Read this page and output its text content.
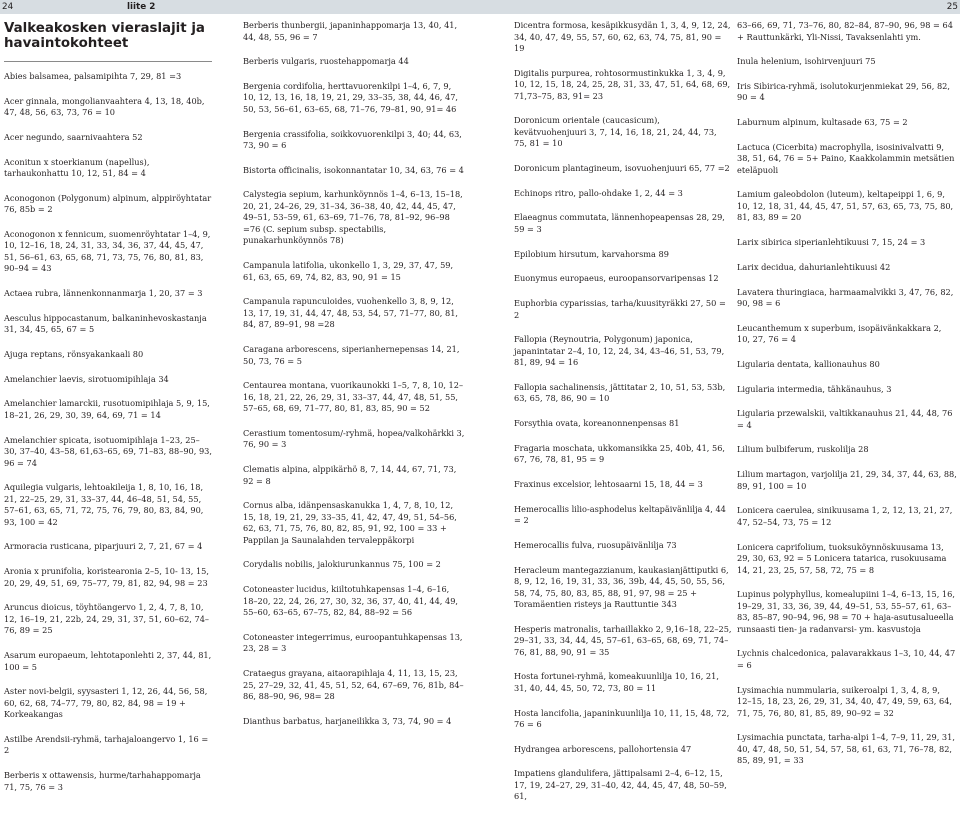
24	liite 2	25
Valkeakosken vieraslajit ja havaintokohteet

Abies balsamea, palsamipihta 7, 29, 81 =3

Acer ginnala, mongolianvaahtera 4, 13, 18, 40b, 47, 48, 56, 63, 73, 76 = 10

Acer negundo, saarnivaahtera 52

Aconitun x stoerkianum (napellus), tarhaukonhattu 10, 12, 51, 84 = 4

Aconogonon (Polygonum) alpinum, alppiröyhtatar 76, 85b = 2

Aconogonon x fennicum, suomenröyhtatar 1–4, 9, 10, 12–16, 18, 24, 31, 33, 34, 36, 37, 44, 45, 47, 51, 56–61, 63, 65, 68, 71, 73, 75, 76, 80, 81, 83, 90–94 = 43

Actaea rubra, lännenkonnanmarja 1, 20, 37 = 3

Aesculus hippocastanum, balkaninhevoskastanja 31, 34, 45, 65, 67 = 5

Ajuga reptans, rönsyakankaali 80

Amelanchier laevis, sirotuomipihlaja 34

Amelanchier lamarckii, rusotuomipihlaja 5, 9, 15, 18–21, 26, 29, 30, 39, 64, 69, 71 = 14

Amelanchier spicata, isotuomipihlaja 1–23, 25–30, 37–40, 43–58, 61,63–65, 69, 71–83, 88–90, 93, 96 = 74

Aquilegia vulgaris, lehtoakileija 1, 8, 10, 16, 18, 21, 22–25, 29, 31, 33–37, 44, 46–48, 51, 54, 55, 57–61, 63, 65, 71, 72, 75, 76, 79, 80, 83, 84, 90, 93, 100 = 42

Armoracia rusticana, piparjuuri 2, 7, 21, 67 = 4

Aronia x prunifolia, koristearonia 2–5, 10- 13, 15, 20, 29, 49, 51, 69, 75–77, 79, 81, 82, 94, 98 = 23

Aruncus dioicus, töyhtöangervo 1, 2, 4, 7, 8, 10, 12, 16–19, 21, 22b, 24, 29, 31, 37, 51, 60–62, 74–76, 89 = 25

Asarum europaeum, lehtotaponlehti 2, 37, 44, 81, 100 = 5

Aster novi-belgii, syysasteri 1, 12, 26, 44, 56, 58, 60, 62, 68, 74–77, 79, 80, 82, 84, 98 = 19 + Korkeakangas

Astilbe Arendsii-ryhmä, tarhajaloangervo 1, 16 = 2

Berberis x ottawensis, hurme/tarhahappomarja 71, 75, 76 = 3

Berberis thunbergii, japaninhappomarja 13, 40, 41, 44, 48, 55, 96 = 7

Berberis vulgaris, ruostehappomarja 44

Bergenia cordifolia, herttavuorenkilpi 1–4, 6, 7, 9, 10, 12, 13, 16, 18, 19, 21, 29, 33–35, 38, 44, 46, 47, 50, 53, 56–61, 63–65, 68, 71–76, 79–81, 90, 91= 46

Bergenia crassifolia, soikkovuorenkilpi 3, 40; 44, 63, 73, 90 = 6

Bistorta officinalis, isokonnantatar 10, 34, 63, 76 = 4

Calystegia sepium, karhunköynnös 1–4, 6–13, 15–18, 20, 21, 24–26, 29, 31–34, 36–38, 40, 42, 44, 45, 47, 49–51, 53–59, 61, 63–69, 71–76, 78, 81–92, 96–98 =76 (C. sepium subsp. spectabilis, punakarhunköynnös 78)

Campanula latifolia, ukonkello 1, 3, 29, 37, 47, 59, 61, 63, 65, 69, 74, 82, 83, 90, 91 = 15

Campanula rapunculoides, vuohenkello 3, 8, 9, 12, 13, 17, 19, 31, 44, 47, 48, 53, 54, 57, 71–77, 80, 81, 84, 87, 89–91, 98 =28

Caragana arborescens, siperianhernepensas 14, 21, 50, 73, 76 = 5

Centaurea montana, vuorikaunokki 1–5, 7, 8, 10, 12–16, 18, 21, 22, 26, 29, 31, 33–37, 44, 47, 48, 51, 55, 57–65, 68, 69, 71–77, 80, 81, 83, 85, 90 = 52

Cerastium tomentosum/-ryhmä, hopea/valkohärkki 3, 76, 90 = 3

Clematis alpina, alppikärhö 8, 7, 14, 44, 67, 71, 73, 92 = 8

Cornus alba, idänpensaskanukka 1, 4, 7, 8, 10, 12, 15, 18, 19, 21, 29, 33–35, 41, 42, 47, 49, 51, 54–56, 62, 63, 71, 75, 76, 80, 82, 85, 91, 92, 100 = 33 + Pappilan ja Saunalahden tervaleppäkorpi

Corydalis nobilis, jalokiurunkannus 75, 100 = 2

Cotoneaster lucidus, kiiltotuhkapensas 1–4, 6–16, 18–20, 22, 24, 26, 27, 30, 32, 36, 37, 40, 41, 44, 49, 55–60, 63–65, 67–75, 82, 84, 88–92 = 56

Cotoneaster integerrimus, euroopantuhkapensas 13, 23, 28 = 3

Crataegus grayana, aitaorapihlaja 4, 11, 13, 15, 23, 25, 27–29, 32, 41, 45, 51, 52, 64, 67–69, 76, 81b, 84–86, 88–90, 96, 98= 28

Dianthus barbatus, harjaneilikka 3, 73, 74, 90 = 4

Dicentra formosa, kesäpikkusydän 1, 3, 4, 9, 12, 24, 34, 40, 47, 49, 55, 57, 60, 62, 63, 74, 75, 81, 90 = 19

Digitalis purpurea, rohtosormustinkukka 1, 3, 4, 9, 10, 12, 15, 18, 24, 25, 28, 31, 33, 47, 51, 64, 68, 69, 71,73–75, 83, 91= 23

Doronicum orientale (caucasicum), kevätvuohenjuuri 3, 7, 14, 16, 18, 21, 24, 44, 73, 75, 81 = 10

Doronicum plantagineum, isovuohenjuuri 65, 77 =2

Echinops ritro, pallo-ohdake 1, 2, 44 = 3

Elaeagnus commutata, lännenhopeapensas 28, 29, 59 = 3

Epilobium hirsutum, karvahorsma 89

Euonymus europaeus, euroopansorvaripensas 12

Euphorbia cyparissias, tarha/kuusityräkki 27, 50 = 2

Fallopia (Reynoutria, Polygonum) japonica, japanintatar 2–4, 10, 12, 24, 34, 43–46, 51, 53, 79, 81, 89, 94 = 16

Fallopia sachalinensis, jättitatar 2, 10, 51, 53, 53b, 63, 65, 78, 86, 90 = 10

Forsythia ovata, koreanonnenpensas 81

Fragaria moschata, ukkomansikka 25, 40b, 41, 56, 67, 76, 78, 81, 95 = 9

Fraxinus excelsior, lehtosaarni 15, 18, 44 = 3

Hemerocallis lilio-asphodelus keltapäivänlilja 4, 44 = 2

Hemerocallis fulva, ruosupäivänlilja 73

Heracleum mantegazzianum, kaukasianjättiputki 6, 8, 9, 12, 16, 19, 31, 33, 36, 39b, 44, 45, 50, 55, 56, 58, 74, 75, 80, 83, 85, 88, 91, 97, 98 = 25 + Toramäentien risteys ja Rauttuntie 343

Hesperis matronalis, tarhaillakko 2, 9,16–18, 22–25, 29–31, 33, 34, 44, 45, 57–61, 63–65, 68, 69, 71, 74–76, 81, 88, 90, 91 = 35

Hosta fortunei-ryhmä, komeakuunlilja 10, 16, 21, 31, 40, 44, 45, 50, 72, 73, 80 = 11

Hosta lancifolia, japaninkuunlilja 10, 11, 15, 48, 72, 76 = 6

Hydrangea arborescens, pallohortensia 47

Impatiens glandulifera, jättipalsami 2–4, 6–12, 15, 17, 19, 24–27, 29, 31–40, 42, 44, 45, 47, 48, 50–59, 61,

63–66, 69, 71, 73–76, 80, 82–84, 87–90, 96, 98 = 64 + Rauttunkärki, Yli-Nissi, Tavaksenlahti ym.

Inula helenium, isohirvenjuuri 75

Iris Sibirica-ryhmä, isolutokurjenmiekat 29, 56, 82, 90 = 4

Laburnum alpinum, kultasade 63, 75 = 2

Lactuca (Cicerbita) macrophylla, isosinivalvatti 9, 38, 51, 64, 76 = 5+ Paino, Kaakkolammin metsätien eteläpuoli

Lamium galeobdolon (luteum), keltapeippi 1, 6, 9, 10, 12, 18, 31, 44, 45, 47, 51, 57, 63, 65, 73, 75, 80, 81, 83, 89 = 20

Larix sibirica siperianlehtikuusi 7, 15, 24 = 3

Larix decidua, dahurianlehtikuusi 42

Lavatera thuringiaca, harmaamalvikki 3, 47, 76, 82, 90, 98 = 6

Leucanthemum x superbum, isopäivänkakkara 2, 10, 27, 76 = 4

Ligularia dentata, kallionauhus 80

Ligularia intermedia, tähkänauhus, 3

Ligularia przewalskii, valtikkanauhus 21, 44, 48, 76 = 4

Lilium bulbiferum, ruskolilja 28

Lilium martagon, varjolilja 21, 29, 34, 37, 44, 63, 88, 89, 91, 100 = 10

Lonicera caerulea, sinikuusama 1, 2, 12, 13, 21, 27, 47, 52–54, 73, 75 = 12

Lonicera caprifolium, tuoksuköynnöskuusama 13, 29, 30, 63, 92 = 5 Lonicera tatarica, rusokuusama 14, 21, 23, 25, 57, 58, 72, 75 = 8

Lupinus polyphyllus, komealupiini 1–4, 6–13, 15, 16, 19–29, 31, 33, 36, 39, 44, 49–51, 53, 55–57, 61, 63–83, 85–87, 90–94, 96, 98 = 70 + haja-asutusalueella runsaasti tien- ja radanvarsi- ym. kasvustoja

Lychnis chalcedonica, palavarakkaus 1–3, 10, 44, 47 = 6

Lysimachia nummularia, suikeroalpi 1, 3, 4, 8, 9, 12–15, 18, 23, 26, 29, 31, 34, 40, 47, 49, 59, 63, 64, 71, 75, 76, 80, 81, 85, 89, 90–92 = 32

Lysimachia punctata, tarha-alpi 1–4, 7–9, 11, 29, 31, 40, 47, 48, 50, 51, 54, 57, 58, 61, 63, 71, 76–78, 82, 85, 89, 91, = 33
